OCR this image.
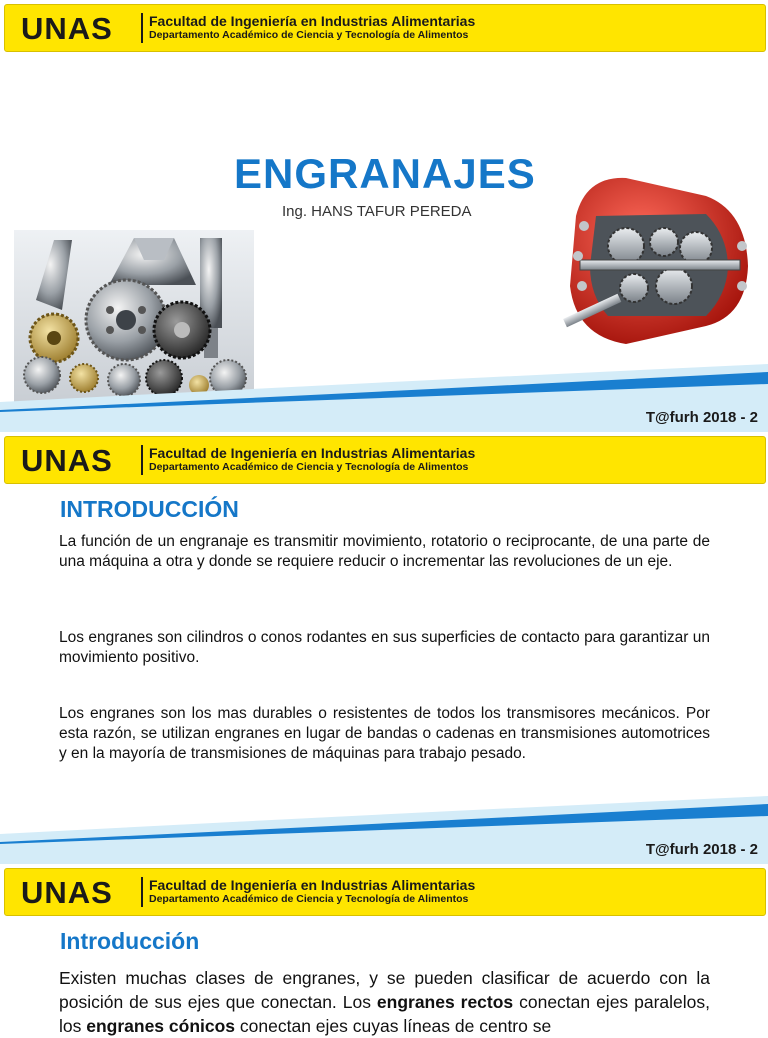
UNAS	Facultad de Ingeniería en Industrias Alimentarias
Departamento Académico de Ciencia y Tecnología de Alimentos
ENGRANAJES
Ing. HANS TAFUR PEREDA
T@furh 2018 - 2
UNAS	Facultad de Ingeniería en Industrias Alimentarias
Departamento Académico de Ciencia y Tecnología de Alimentos
INTRODUCCIÓN
La función de un engranaje es transmitir movimiento, rotatorio o reciprocante, de una parte de una máquina a otra y donde se requiere reducir o incrementar las revoluciones de un eje.
Los engranes son cilindros o conos rodantes en sus superficies de contacto para garantizar un movimiento positivo.
Los engranes son los mas durables o resistentes de todos los transmisores mecánicos. Por esta razón, se utilizan engranes en lugar de bandas o cadenas en transmisiones automotrices y en la mayoría de transmisiones de máquinas para trabajo pesado.
T@furh 2018 - 2
UNAS	Facultad de Ingeniería en Industrias Alimentarias
Departamento Académico de Ciencia y Tecnología de Alimentos
Introducción
Existen muchas clases de engranes, y se pueden clasificar de acuerdo con la posición de sus ejes que conectan. Los engranes rectos conectan ejes paralelos, los engranes cónicos conectan ejes cuyas líneas de centro se
